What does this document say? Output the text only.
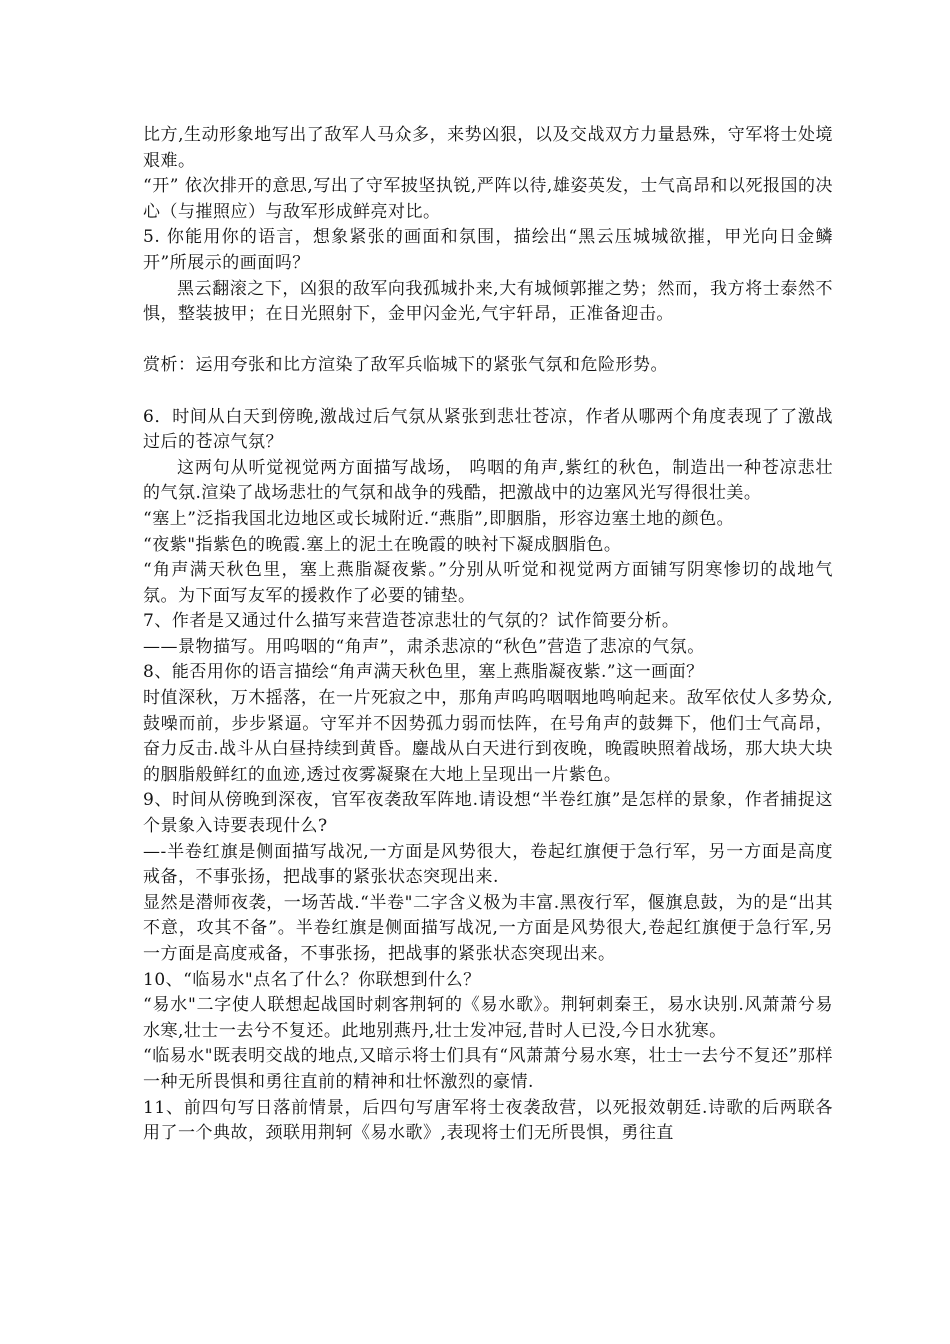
比方,生动形象地写出了敌军人马众多，来势凶狠，以及交战双方力量悬殊，守军将士处境艰难。

“开” 依次排开的意思,写出了守军披坚执锐,严阵以待,雄姿英发，士气高昂和以死报国的决心（与摧照应）与敌军形成鲜亮对比。

5. 你能用你的语言，想象紧张的画面和氛围，描绘出“黑云压城城欲摧，甲光向日金鳞开”所展示的画面吗？

黑云翻滚之下，凶狠的敌军向我孤城扑来,大有城倾郭摧之势；然而，我方将士泰然不惧，整装披甲；在日光照射下，金甲闪金光,气宇轩昂，正准备迎击。

赏析：运用夸张和比方渲染了敌军兵临城下的紧张气氛和危险形势。

6．时间从白天到傍晚,激战过后气氛从紧张到悲壮苍凉，作者从哪两个角度表现了了激战过后的苍凉气氛？

这两句从听觉视觉两方面描写战场， 呜咽的角声,紫红的秋色，制造出一种苍凉悲壮的气氛.渲染了战场悲壮的气氛和战争的残酷，把激战中的边塞风光写得很壮美。

“塞上”泛指我国北边地区或长城附近.“燕脂”,即胭脂，形容边塞土地的颜色。

“夜紫"指紫色的晚霞.塞上的泥土在晚霞的映衬下凝成胭脂色。

“角声满天秋色里，塞上燕脂凝夜紫。”分别从听觉和视觉两方面铺写阴寒惨切的战地气氛。为下面写友军的援救作了必要的铺垫。

7、作者是又通过什么描写来营造苍凉悲壮的气氛的？试作简要分析。

——景物描写。用呜咽的“角声”，肃杀悲凉的“秋色”营造了悲凉的气氛。

8、能否用你的语言描绘“角声满天秋色里，塞上燕脂凝夜紫.”这一画面？

时值深秋，万木摇落，在一片死寂之中，那角声呜呜咽咽地鸣响起来。敌军依仗人多势众,鼓噪而前，步步紧逼。守军并不因势孤力弱而怯阵，在号角声的鼓舞下，他们士气高昂，奋力反击.战斗从白昼持续到黄昏。鏖战从白天进行到夜晚，晚霞映照着战场，那大块大块的胭脂般鲜红的血迹,透过夜雾凝聚在大地上呈现出一片紫色。

9、时间从傍晚到深夜，官军夜袭敌军阵地.请设想“半卷红旗”是怎样的景象，作者捕捉这个景象入诗要表现什么?

—-半卷红旗是侧面描写战况,一方面是风势很大，卷起红旗便于急行军，另一方面是高度戒备，不事张扬，把战事的紧张状态突现出来.

显然是潜师夜袭，一场苦战.“半卷"二字含义极为丰富.黑夜行军，偃旗息鼓，为的是“出其不意，攻其不备”。半卷红旗是侧面描写战况,一方面是风势很大,卷起红旗便于急行军,另一方面是高度戒备，不事张扬，把战事的紧张状态突现出来。

10、“临易水"点名了什么？你联想到什么？

“易水"二字使人联想起战国时刺客荆轲的《易水歌》。荆轲刺秦王，易水诀别.风萧萧兮易水寒,壮士一去兮不复还。此地别燕丹,壮士发冲冠,昔时人已没,今日水犹寒。

“临易水"既表明交战的地点,又暗示将士们具有“风萧萧兮易水寒，壮士一去兮不复还”那样一种无所畏惧和勇往直前的精神和壮怀激烈的豪情.

11、前四句写日落前情景，后四句写唐军将士夜袭敌营，以死报效朝廷.诗歌的后两联各用了一个典故，颈联用荆轲《易水歌》,表现将士们无所畏惧，勇往直
